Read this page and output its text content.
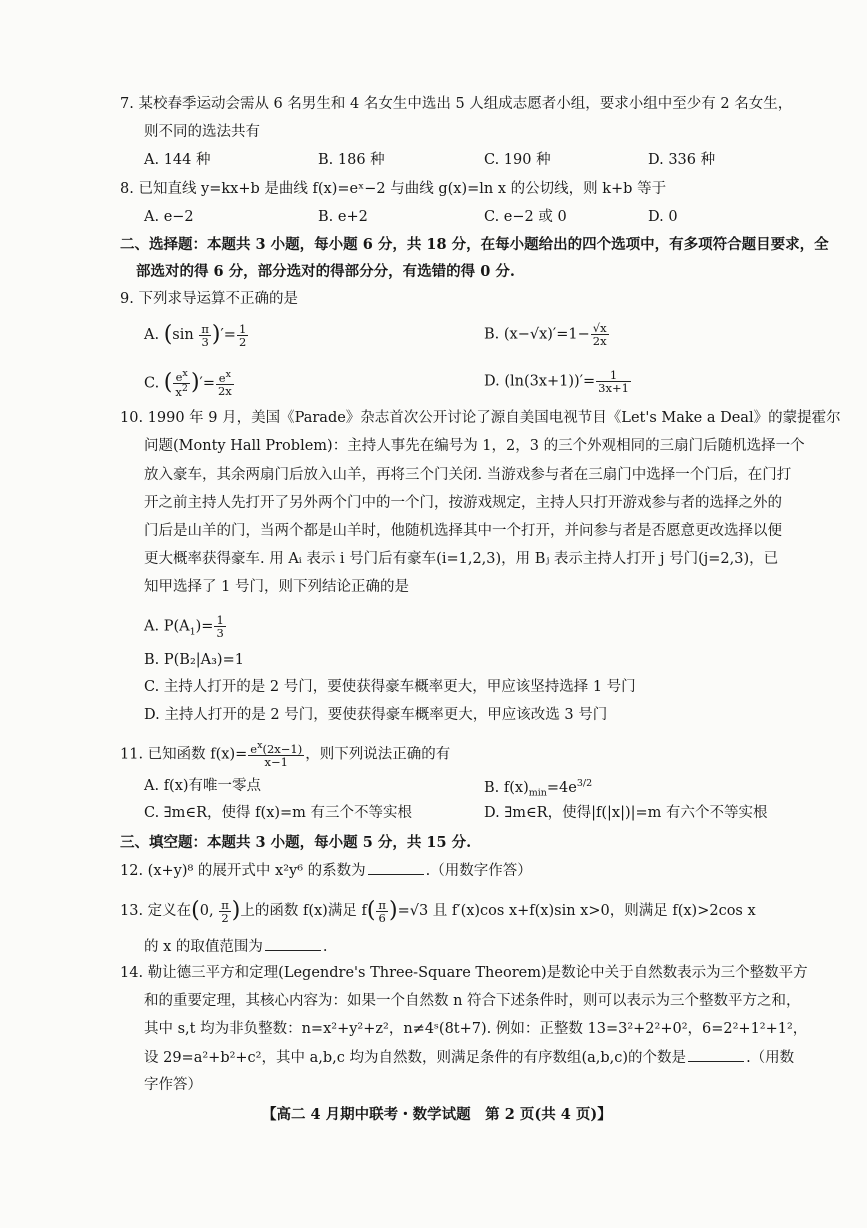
7. 某校春季运动会需从 6 名男生和 4 名女生中选出 5 人组成志愿者小组，要求小组中至少有 2 名女生，
则不同的选法共有
A. 144 种	B. 186 种	C. 190 种	D. 336 种
8. 已知直线 y=kx+b 是曲线 f(x)=eˣ−2 与曲线 g(x)=ln x 的公切线，则 k+b 等于
A. e−2	B. e+2	C. e−2 或 0	D. 0
二、选择题：本题共 3 小题，每小题 6 分，共 18 分，在每小题给出的四个选项中，有多项符合题目要求，全
部选对的得 6 分，部分选对的得部分分，有选错的得 0 分.
9. 下列求导运算不正确的是
A. ($\sin \frac{\pi}{3}$ )′= $\frac{1}{2}$	B. $(x-√x)'=1- \frac{√x}{2x}$
C. ( $\frac{e^x}{x^2}$ )′= $\frac{e^x}{2x}$	D. $(\ln(3x+1))'= \frac{1}{3x+1}$
10. 1990 年 9 月，美国《Parade》杂志首次公开讨论了源自美国电视节目《Let's Make a Deal》的蒙提霍尔
问题(Monty Hall Problem)：主持人事先在编号为 1，2，3 的三个外观相同的三扇门后随机选择一个
放入豪车，其余两扇门后放入山羊，再将三个门关闭. 当游戏参与者在三扇门中选择一个门后，在门打
开之前主持人先打开了另外两个门中的一个门，按游戏规定，主持人只打开游戏参与者的选择之外的
门后是山羊的门，当两个都是山羊时，他随机选择其中一个打开，并问参与者是否愿意更改选择以便
更大概率获得豪车. 用 Aᵢ 表示 i 号门后有豪车(i=1,2,3)，用 Bⱼ 表示主持人打开 j 号门(j=2,3)，已
知甲选择了 1 号门，则下列结论正确的是
A. $P(A_1)= \frac{1}{3}$
B. P(B₂|A₃)=1
C. 主持人打开的是 2 号门，要使获得豪车概率更大，甲应该坚持选择 1 号门
D. 主持人打开的是 2 号门，要使获得豪车概率更大，甲应该改选 3 号门
11. 已知函数 $f(x)= \frac{e^x(2x-1)}{x-1}$ ，则下列说法正确的有
A. f(x)有唯一零点	B. $f(x)_{min}=4e^{3/2}$
C. ∃m∈R，使得 f(x)=m 有三个不等实根	D. ∃m∈R，使得|f(|x|)|=m 有六个不等实根
三、填空题：本题共 3 小题，每小题 5 分，共 15 分.
12. (x+y)⁸ 的展开式中 x²y⁶ 的系数为	.（用数字作答）
13. 定义在(0, $\frac{\pi}{2}$ )上的函数 f(x)满足 $f( \frac{\pi}{6} )=√3$ 且 f′(x)cos x+f(x)sin x>0，则满足 f(x)>2cos x
的 x 的取值范围为	.
14. 勒让德三平方和定理(Legendre's Three-Square Theorem)是数论中关于自然数表示为三个整数平方
和的重要定理，其核心内容为：如果一个自然数 n 符合下述条件时，则可以表示为三个整数平方之和，
其中 s,t 均为非负整数：n=x²+y²+z²，n≠4ˢ(8t+7). 例如：正整数 13=3²+2²+0²，6=2²+1²+1²，
设 29=a²+b²+c²，其中 a,b,c 均为自然数，则满足条件的有序数组(a,b,c)的个数是	.（用数
字作答）
【高二 4 月期中联考・数学试题　第 2 页(共 4 页)】
